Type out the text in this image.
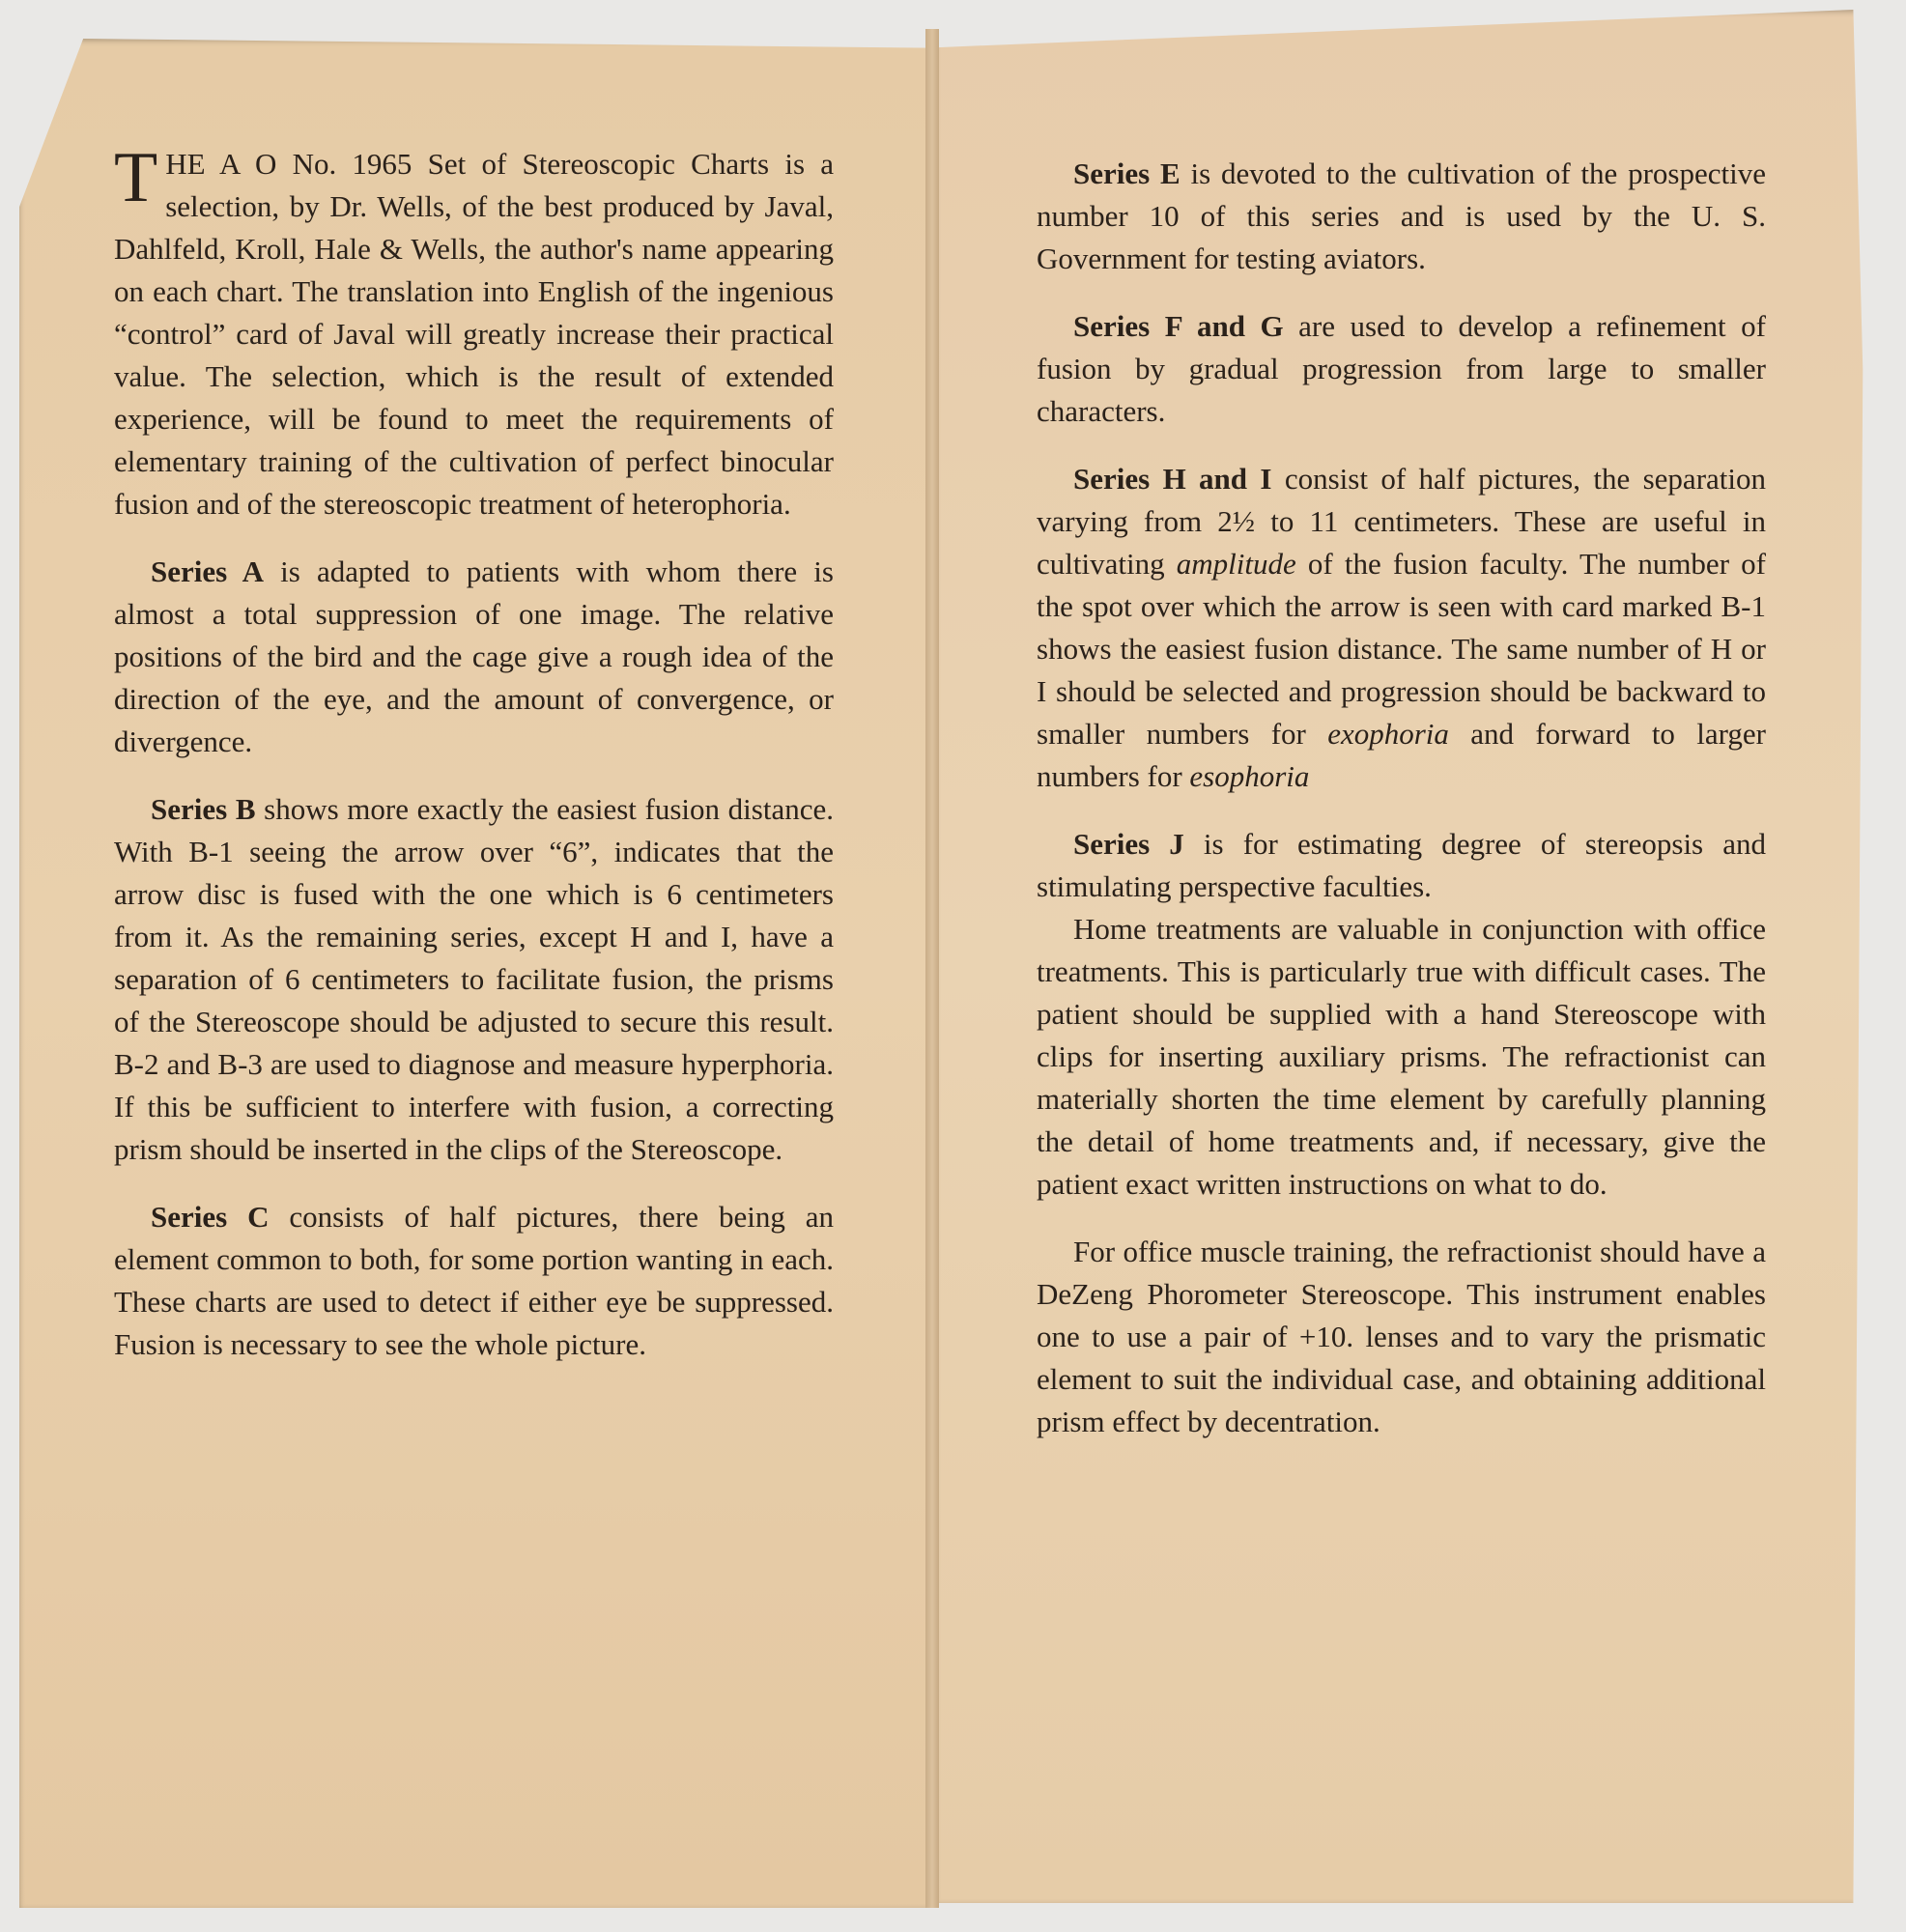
THE A O No. 1965 Set of Stereoscopic Charts is a selection, by Dr. Wells, of the best produced by Javal, Dahlfeld, Kroll, Hale & Wells, the author's name appearing on each chart. The translation into English of the ingenious “control” card of Javal will greatly increase their practical value. The selection, which is the result of extended experience, will be found to meet the requirements of elementary training of the cultivation of perfect binocular fusion and of the stereoscopic treatment of heterophoria.

Series A is adapted to patients with whom there is almost a total suppression of one image. The relative positions of the bird and the cage give a rough idea of the direction of the eye, and the amount of convergence, or divergence.

Series B shows more exactly the easiest fusion distance. With B-1 seeing the arrow over “6”, indicates that the arrow disc is fused with the one which is 6 centimeters from it. As the remaining series, except H and I, have a separation of 6 centimeters to facilitate fusion, the prisms of the Stereoscope should be adjusted to secure this result. B-2 and B-3 are used to diagnose and measure hyperphoria. If this be sufficient to interfere with fusion, a correcting prism should be inserted in the clips of the Stereoscope.

Series C consists of half pictures, there being an element common to both, for some portion wanting in each. These charts are used to detect if either eye be suppressed. Fusion is necessary to see the whole picture.

Series E is devoted to the cultivation of the prospective number 10 of this series and is used by the U. S. Government for testing aviators.

Series F and G are used to develop a refinement of fusion by gradual progression from large to smaller characters.

Series H and I consist of half pictures, the separation varying from 2½ to 11 centimeters. These are useful in cultivating amplitude of the fusion faculty. The number of the spot over which the arrow is seen with card marked B-1 shows the easiest fusion distance. The same number of H or I should be selected and progression should be backward to smaller numbers for exophoria and forward to larger numbers for esophoria

Series J is for estimating degree of stereopsis and stimulating perspective faculties.

Home treatments are valuable in conjunction with office treatments. This is particularly true with difficult cases. The patient should be supplied with a hand Stereoscope with clips for inserting auxiliary prisms. The refractionist can materially shorten the time element by carefully planning the detail of home treatments and, if necessary, give the patient exact written instructions on what to do.

For office muscle training, the refractionist should have a DeZeng Phorometer Stereoscope. This instrument enables one to use a pair of +10. lenses and to vary the prismatic element to suit the individual case, and obtaining additional prism effect by decentration.
